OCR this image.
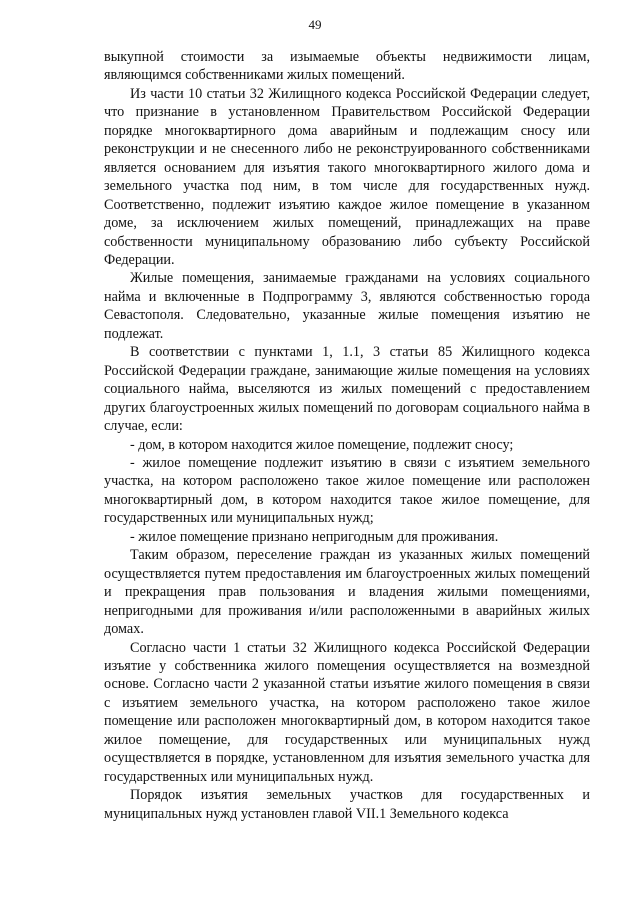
49

выкупной стоимости за изымаемые объекты недвижимости лицам, являющимся собственниками жилых помещений.

Из части 10 статьи 32 Жилищного кодекса Российской Федерации следует, что признание в установленном Правительством Российской Федерации порядке многоквартирного дома аварийным и подлежащим сносу или реконструкции и не снесенного либо не реконструированного собственниками является основанием для изъятия такого многоквартирного жилого дома и земельного участка под ним, в том числе для государственных нужд. Соответственно, подлежит изъятию каждое жилое помещение в указанном доме, за исключением жилых помещений, принадлежащих на праве собственности муниципальному образованию либо субъекту Российской Федерации.

Жилые помещения, занимаемые гражданами на условиях социального найма и включенные в Подпрограмму 3, являются собственностью города Севастополя. Следовательно, указанные жилые помещения изъятию не подлежат.

В соответствии с пунктами 1, 1.1, 3 статьи 85 Жилищного кодекса Российской Федерации граждане, занимающие жилые помещения на условиях социального найма, выселяются из жилых помещений с предоставлением других благоустроенных жилых помещений по договорам социального найма в случае, если:

- дом, в котором находится жилое помещение, подлежит сносу;

- жилое помещение подлежит изъятию в связи с изъятием земельного участка, на котором расположено такое жилое помещение или расположен многоквартирный дом, в котором находится такое жилое помещение, для государственных или муниципальных нужд;

- жилое помещение признано непригодным для проживания.

Таким образом, переселение граждан из указанных жилых помещений осуществляется путем предоставления им благоустроенных жилых помещений и прекращения прав пользования и владения жилыми помещениями, непригодными для проживания и/или расположенными в аварийных жилых домах.

Согласно части 1 статьи 32 Жилищного кодекса Российской Федерации изъятие у собственника жилого помещения осуществляется на возмездной основе. Согласно части 2 указанной статьи изъятие жилого помещения в связи с изъятием земельного участка, на котором расположено такое жилое помещение или расположен многоквартирный дом, в котором находится такое жилое помещение, для государственных или муниципальных нужд осуществляется в порядке, установленном для изъятия земельного участка для государственных или муниципальных нужд.

Порядок изъятия земельных участков для государственных и муниципальных нужд установлен главой VII.1 Земельного кодекса
